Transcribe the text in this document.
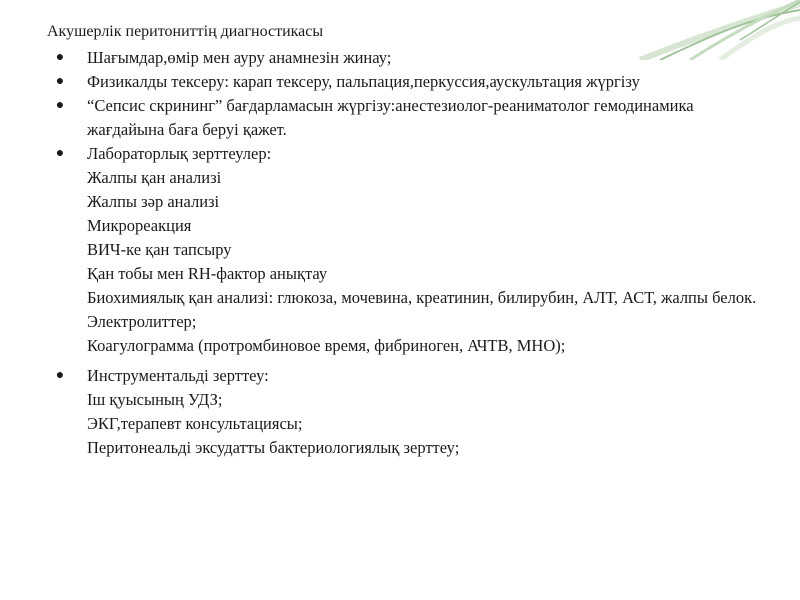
Акушерлік перитониттің диагностикасы

● Шағымдар,өмір мен ауру анамнезін жинау;
● Физикалды тексеру: карап тексеру, пальпация,перкуссия,аускультация жүргізу
● “Сепсис скрининг” бағдарламасын жүргізу:анестезиолог-реаниматолог гемодинамика жағдайына баға беруі қажет.
● Лабораторлық зерттеулер:

Жалпы қан анализі

Жалпы зәр анализі

Микрореакция

ВИЧ-ке қан тапсыру

Қан тобы мен RH-фактор анықтау

Биохимиялық қан анализі: глюкоза, мочевина, креатинин, билирубин, АЛТ, АСТ, жалпы белок.

Электролиттер;

Коагулограмма (протромбиновое время, фибриноген, АЧТВ, МНО);

● Инструментальді зерттеу:

Іш қуысының УДЗ;

ЭКГ,терапевт консультациясы;

Перитонеальді эксудатты бактериологиялық зерттеу;
